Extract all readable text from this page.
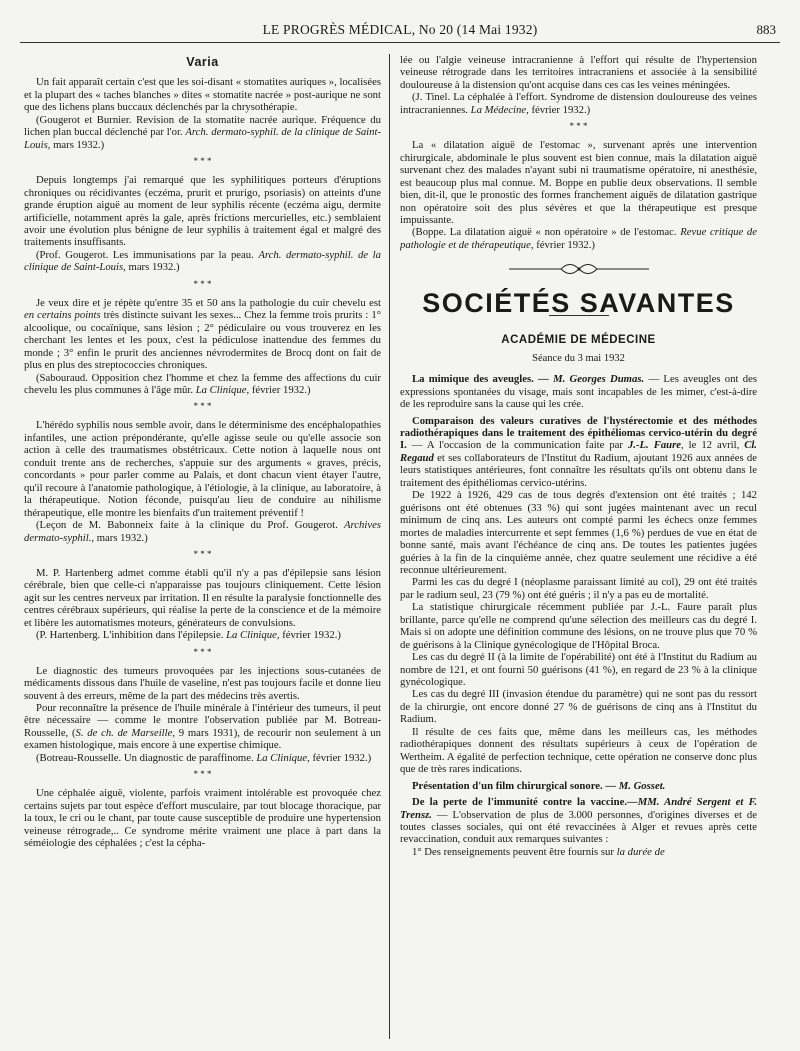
LE PROGRÈS MÉDICAL, No 20 (14 Mai 1932)	883
Varia

Un fait apparaît certain c'est que les soi-disant « stomatites auriques », localisées et la plupart des « taches blanches » dites « stomatite nacrée » post-aurique ne sont que des lichens plans buccaux déclenchés par la chrysothérapie.

(Gougerot et Burnier. Revision de la stomatite nacrée aurique. Fréquence du lichen plan buccal déclenché par l'or. Arch. dermato-syphil. de la clinique de Saint-Louis, mars 1932.)

* * *

Depuis longtemps j'ai remarqué que les syphilitiques porteurs d'éruptions chroniques ou récidivantes (eczéma, prurit et prurigo, psoriasis) on atteints d'une grande éruption aiguë au moment de leur syphilis récente (eczéma aigu, dermite artificielle, notamment après la gale, après frictions mercurielles, etc.) semblaient avoir une évolution plus bénigne de leur syphilis à traitement égal et malgré des traitements insuffisants.

(Prof. Gougerot. Les immunisations par la peau. Arch. dermato-syphil. de la clinique de Saint-Louis, mars 1932.)

* * *

Je veux dire et je répète qu'entre 35 et 50 ans la pathologie du cuir chevelu est en certains points très distincte suivant les sexes... Chez la femme trois prurits : 1° alcoolique, ou cocaïnique, sans lésion ; 2° pédiculaire ou vous trouverez en les cherchant les lentes et les poux, c'est la pédiculose inattendue des femmes du monde ; 3° enfin le prurit des anciennes névrodermites de Brocq dont on fait de plus en plus des streptococcies chroniques.

(Sabouraud. Opposition chez l'homme et chez la femme des affections du cuir chevelu les plus communes à l'âge mûr. La Clinique, février 1932.)

* * *

L'hérédo syphilis nous semble avoir, dans le déterminisme des encéphalopathies infantiles, une action prépondérante, qu'elle agisse seule ou qu'elle associe son action à celle des traumatismes obstétricaux. Cette notion à laquelle nous ont conduit trente ans de recherches, s'appuie sur des arguments « graves, précis, concordants » pour parler comme au Palais, et dont chacun vient étayer l'autre, qu'il recoure à l'anatomie pathologique, à l'étiologie, à la clinique, au laboratoire, à la thérapeutique. Notion féconde, puisqu'au lieu de conduire au nihilisme thérapeutique, elle montre les bienfaits d'un traitement préventif !

(Leçon de M. Babonneix faite à la clinique du Prof. Gougerot. Archives dermato-syphil., mars 1932.)

* * *

M. P. Hartenberg admet comme établi qu'il n'y a pas d'épilepsie sans lésion cérébrale, bien que celle-ci n'apparaisse pas toujours cliniquement. Cette lésion agit sur les centres nerveux par irritation. Il en résulte la paralysie fonctionnelle des centres cérébraux supérieurs, qui réalise la perte de la conscience et de la mémoire et libère les automatismes moteurs, générateurs de convulsions.

(P. Hartenberg. L'inhibition dans l'épilepsie. La Clinique, février 1932.)

* * *

Le diagnostic des tumeurs provoquées par les injections sous-cutanées de médicaments dissous dans l'huile de vaseline, n'est pas toujours facile et donne lieu souvent à des erreurs, même de la part des médecins très avertis.

Pour reconnaître la présence de l'huile minérale à l'intérieur des tumeurs, il peut être nécessaire — comme le montre l'observation publiée par M. Botreau-Rousselle, (S. de ch. de Marseille, 9 mars 1931), de recourir non seulement à un examen histologique, mais encore à une expertise chimique.

(Botreau-Rousselle. Un diagnostic de paraffinome. La Clinique, février 1932.)

* * *

Une céphalée aiguë, violente, parfois vraiment intolérable est provoquée chez certains sujets par tout espèce d'effort musculaire, par tout blocage thoracique, par la toux, le cri ou le chant, par toute cause susceptible de produire une hypertension veineuse rétrograde,.. Ce syndrome mérite vraiment une place à part dans la séméiologie des céphalées ; c'est la cépha-

lée ou l'algie veineuse intracranienne à l'effort qui résulte de l'hypertension veineuse rétrograde dans les territoires intracraniens et associée à la sensibilité douloureuse à la distension qu'ont acquise dans ces cas les veines méningées.

(J. Tinel. La céphalée à l'effort. Syndrome de distension douloureuse des veines intracraniennes. La Médecine, février 1932.)

* * *

La « dilatation aiguë de l'estomac », survenant après une intervention chirurgicale, abdominale le plus souvent est bien connue, mais la dilatation aiguë survenant chez des malades n'ayant subi ni traumatisme opératoire, ni anesthésie, est beaucoup plus mal connue. M. Boppe en publie deux observations. Il semble bien, dit-il, que le pronostic des formes franchement aiguës de dilatation gastrique non opératoire soit des plus sévères et que la thérapeutique est presque impuissante.

(Boppe. La dilatation aiguë « non opératoire » de l'estomac. Revue critique de pathologie et de thérapeutique, février 1932.)

SOCIÉTÉS SAVANTES
ACADÉMIE DE MÉDECINE
Séance du 3 mai 1932

La mimique des aveugles. — M. Georges Dumas. — Les aveugles ont des expressions spontanées du visage, mais sont incapables de les mimer, c'est-à-dire de les reproduire sans la cause qui les crée.

Comparaison des valeurs curatives de l'hystérectomie et des méthodes radiothérapiques dans le traitement des épithéliomas cervico-utérin du degré I. — A l'occasion de la communication faite par J.-L. Faure, le 12 avril, Cl. Regaud et ses collaborateurs de l'Institut du Radium, ajoutant 1926 aux années de leurs statistiques antérieures, font connaître les résultats qu'ils ont obtenu dans le traitement des épithéliomas cervico-utérins.

De 1922 à 1926, 429 cas de tous degrés d'extension ont été traités ; 142 guérisons ont été obtenues (33 %) qui sont jugées maintenant avec un recul minimum de cinq ans. Les auteurs ont compté parmi les échecs onze femmes mortes de maladies intercurrente et sept femmes (1,6 %) perdues de vue en état de bonne santé, mais avant l'échéance de cinq ans. De toutes les patientes jugées guéries à la fin de la cinquième année, chez quatre seulement une récidive a été reconnue ultérieurement.

Parmi les cas du degré I (néoplasme paraissant limité au col), 29 ont été traités par le radium seul, 23 (79 %) ont été guéris ; il n'y a pas eu de mortalité.

La statistique chirurgicale récemment publiée par J.-L. Faure paraît plus brillante, parce qu'elle ne comprend qu'une sélection des meilleurs cas du degré I. Mais si on adopte une définition commune des lésions, on ne trouve plus que 70 % de guérisons à la Clinique gynécologique de l'Hôpital Broca.

Les cas du degré II (à la limite de l'opérabilité) ont été à l'Institut du Radium au nombre de 121, et ont fourni 50 guérisons (41 %), en regard de 23 % à la clinique gynécologique.

Les cas du degré III (invasion étendue du paramètre) qui ne sont pas du ressort de la chirurgie, ont encore donné 27 % de guérisons de cinq ans à l'Institut du Radium.

Il résulte de ces faits que, même dans les meilleurs cas, les méthodes radiothérapiques donnent des résultats supérieurs à ceux de l'opération de Wertheim. A égalité de perfection technique, cette opération ne conserve donc plus que de très rares indications.

Présentation d'un film chirurgical sonore. — M. Gosset.

De la perte de l'immunité contre la vaccine.—MM. André Sergent et F. Trensz. — L'observation de plus de 3.000 personnes, d'origines diverses et de toutes classes sociales, qui ont été revaccinées à Alger et revues après cette revaccination, conduit aux remarques suivantes :

1° Des renseignements peuvent être fournis sur la durée de
